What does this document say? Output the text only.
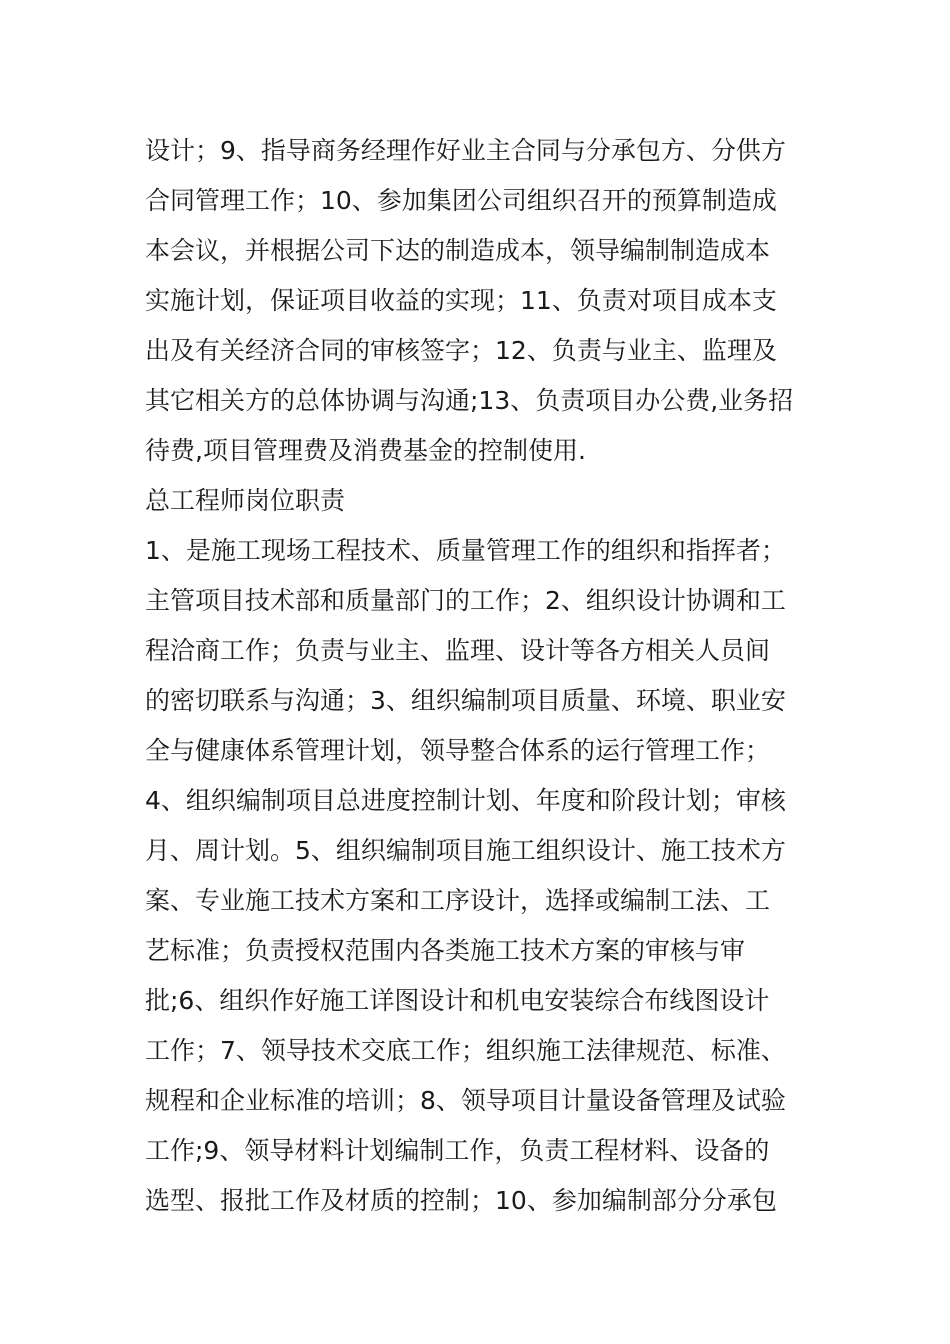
设计；9、指导商务经理作好业主合同与分承包方、分供方
合同管理工作；10、参加集团公司组织召开的预算制造成
本会议，并根据公司下达的制造成本，领导编制制造成本
实施计划，保证项目收益的实现；11、负责对项目成本支
出及有关经济合同的审核签字；12、负责与业主、监理及
其它相关方的总体协调与沟通;13、负责项目办公费,业务招
待费,项目管理费及消费基金的控制使用.
总工程师岗位职责
1、是施工现场工程技术、质量管理工作的组织和指挥者；
主管项目技术部和质量部门的工作；2、组织设计协调和工
程洽商工作；负责与业主、监理、设计等各方相关人员间
的密切联系与沟通；3、组织编制项目质量、环境、职业安
全与健康体系管理计划，领导整合体系的运行管理工作；
4、组织编制项目总进度控制计划、年度和阶段计划；审核
月、周计划。5、组织编制项目施工组织设计、施工技术方
案、专业施工技术方案和工序设计，选择或编制工法、工
艺标准；负责授权范围内各类施工技术方案的审核与审
批;6、组织作好施工详图设计和机电安装综合布线图设计
工作；7、领导技术交底工作；组织施工法律规范、标准、
规程和企业标准的培训；8、领导项目计量设备管理及试验
工作;9、领导材料计划编制工作，负责工程材料、设备的
选型、报批工作及材质的控制；10、参加编制部分分承包
